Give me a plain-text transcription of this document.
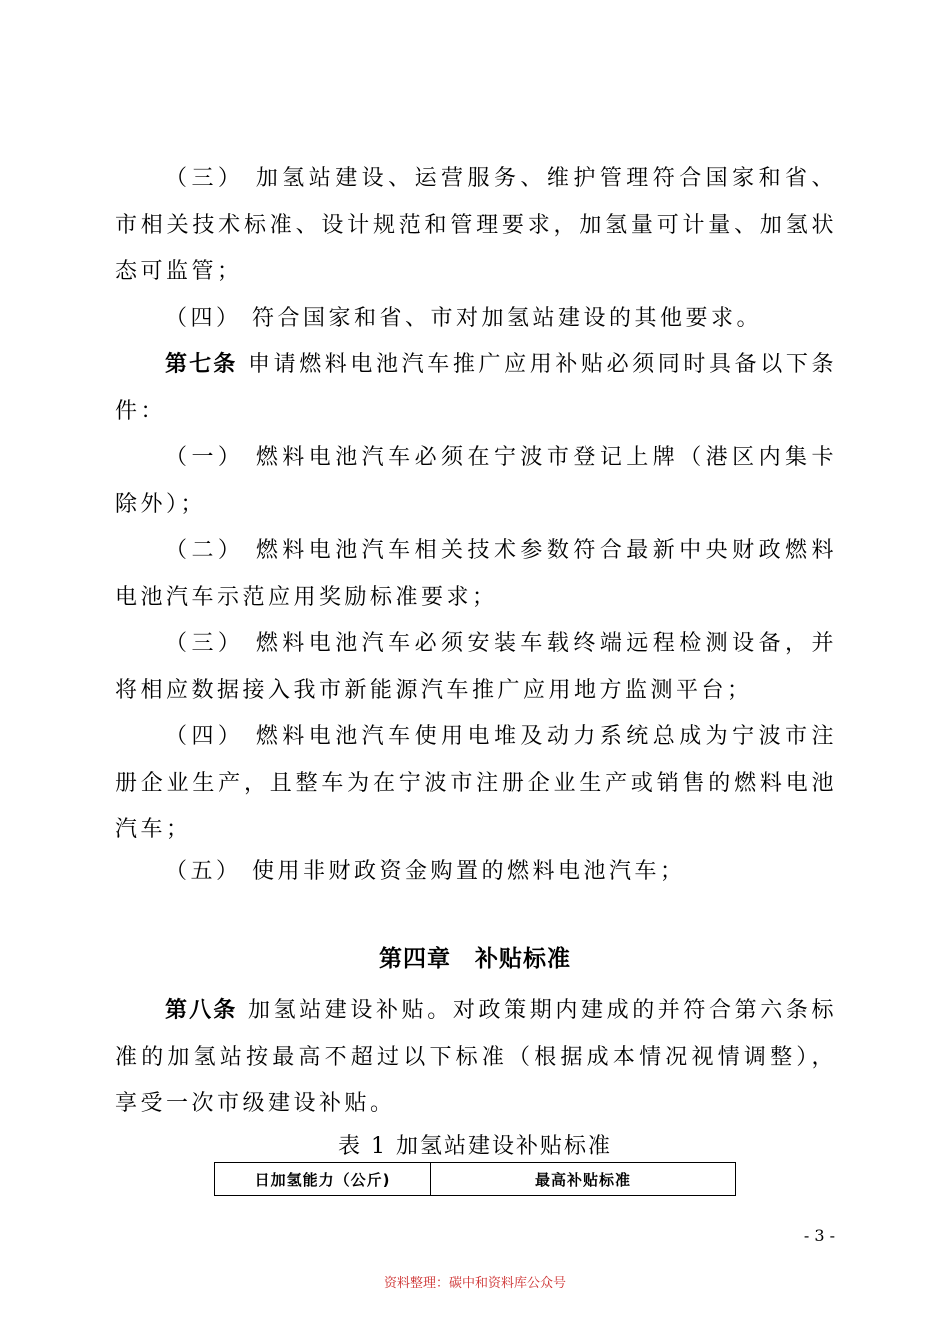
（三） 加氢站建设、运营服务、维护管理符合国家和省、市相关技术标准、设计规范和管理要求，加氢量可计量、加氢状态可监管；

（四） 符合国家和省、市对加氢站建设的其他要求。

第七条 申请燃料电池汽车推广应用补贴必须同时具备以下条件：

（一） 燃料电池汽车必须在宁波市登记上牌（港区内集卡除外）；

（二） 燃料电池汽车相关技术参数符合最新中央财政燃料电池汽车示范应用奖励标准要求；

（三） 燃料电池汽车必须安装车载终端远程检测设备，并将相应数据接入我市新能源汽车推广应用地方监测平台；

（四） 燃料电池汽车使用电堆及动力系统总成为宁波市注册企业生产，且整车为在宁波市注册企业生产或销售的燃料电池汽车；

（五） 使用非财政资金购置的燃料电池汽车；

第四章　补贴标准

第八条 加氢站建设补贴。对政策期内建成的并符合第六条标准的加氢站按最高不超过以下标准（根据成本情况视情调整），享受一次市级建设补贴。

表 1 加氢站建设补贴标准

日加氢能力（公斤)	最高补贴标准
- 3 -
资料整理：碳中和资料库公众号
